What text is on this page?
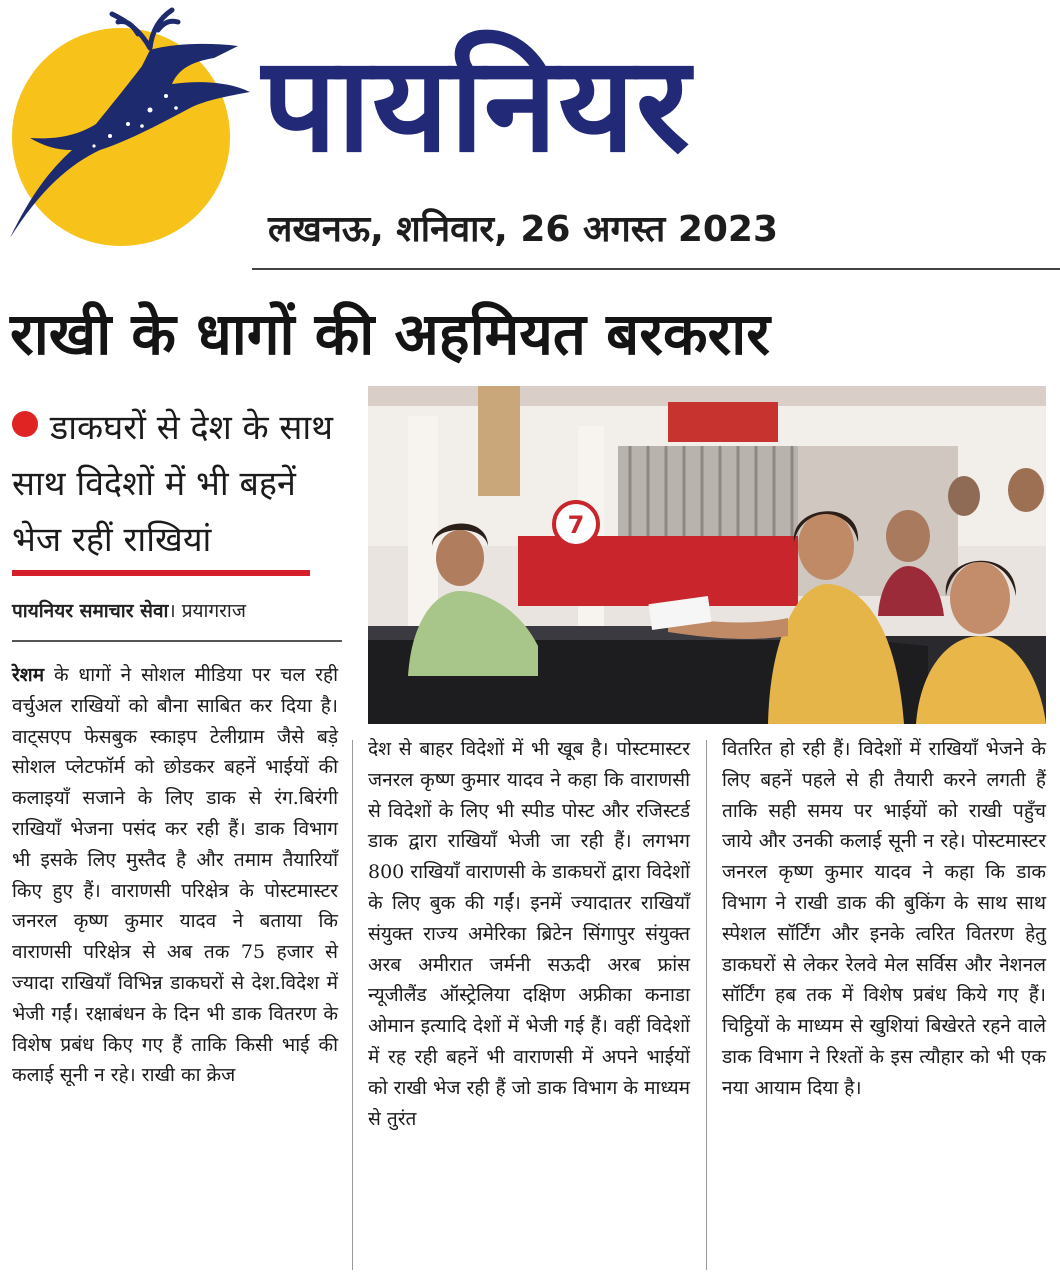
पायनियर
लखनऊ, शनिवार, 26 अगस्त 2023
राखी के धागों की अहमियत बरकरार
डाकघरों से देश के साथ साथ विदेशों में भी बहनें भेज रहीं राखियां
पायनियर समाचार सेवा। प्रयागराज
7

रेशम के धागों ने सोशल मीडिया पर चल रही वर्चुअल राखियों को बौना साबित कर दिया है। वाट्सएप फेसबुक स्काइप टेलीग्राम जैसे बड़े सोशल प्लेटफॉर्म को छोडकर बहनें भाईयों की कलाइयाँ सजाने के लिए डाक से रंग.बिरंगी राखियाँ भेजना पसंद कर रही हैं। डाक विभाग भी इसके लिए मुस्तैद है और तमाम तैयारियाँ किए हुए हैं। वाराणसी परिक्षेत्र के पोस्टमास्टर जनरल कृष्ण कुमार यादव ने बताया कि वाराणसी परिक्षेत्र से अब तक 75 हजार से ज्यादा राखियाँ विभिन्न डाकघरों से देश.विदेश में भेजी गईं। रक्षाबंधन के दिन भी डाक वितरण के विशेष प्रबंध किए गए हैं ताकि किसी भाई की कलाई सूनी न रहे। राखी का क्रेज

देश से बाहर विदेशों में भी खूब है। पोस्टमास्टर जनरल कृष्ण कुमार यादव ने कहा कि वाराणसी से विदेशों के लिए भी स्पीड पोस्ट और रजिस्टर्ड डाक द्वारा राखियाँ भेजी जा रही हैं। लगभग 800 राखियाँ वाराणसी के डाकघरों द्वारा विदेशों के लिए बुक की गईं। इनमें ज्यादातर राखियाँ संयुक्त राज्य अमेरिका ब्रिटेन सिंगापुर संयुक्त अरब अमीरात जर्मनी सऊदी अरब फ्रांस न्यूजीलैंड ऑस्ट्रेलिया दक्षिण अफ्रीका कनाडा ओमान इत्यादि देशों में भेजी गई हैं। वहीं विदेशों में रह रही बहनें भी वाराणसी में अपने भाईयों को राखी भेज रही हैं जो डाक विभाग के माध्यम से तुरंत

वितरित हो रही हैं। विदेशों में राखियाँ भेजने के लिए बहनें पहले से ही तैयारी करने लगती हैं ताकि सही समय पर भाईयों को राखी पहुँच जाये और उनकी कलाई सूनी न रहे। पोस्टमास्टर जनरल कृष्ण कुमार यादव ने कहा कि डाक विभाग ने राखी डाक की बुकिंग के साथ साथ स्पेशल सॉर्टिंग और इनके त्वरित वितरण हेतु डाकघरों से लेकर रेलवे मेल सर्विस और नेशनल सॉर्टिंग हब तक में विशेष प्रबंध किये गए हैं। चिट्ठियों के माध्यम से खुशियां बिखेरते रहने वाले डाक विभाग ने रिश्तों के इस त्यौहार को भी एक नया आयाम दिया है।
